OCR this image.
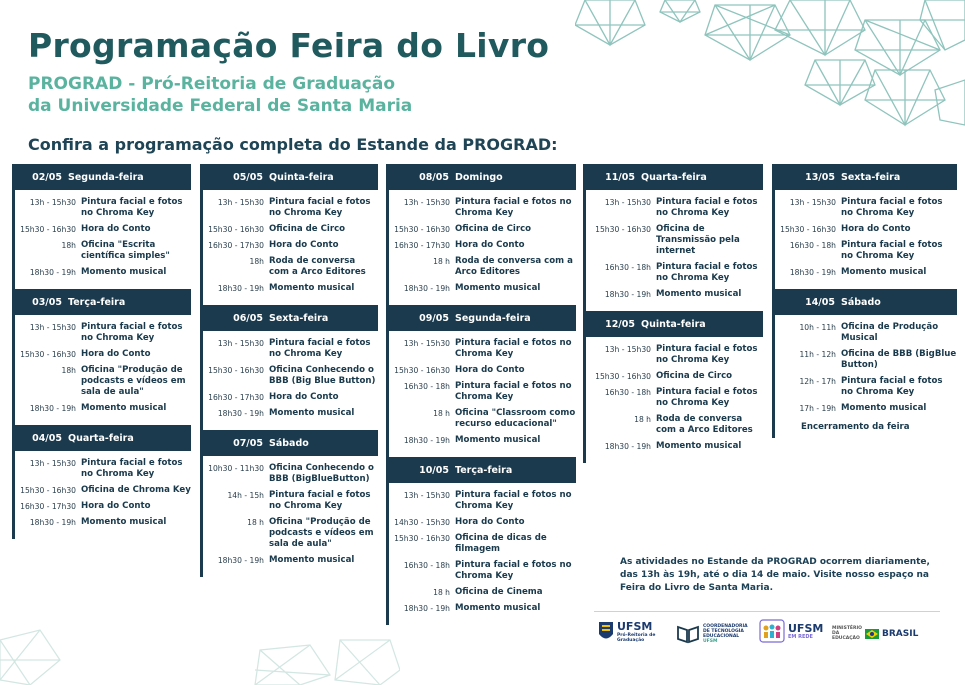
Programação Feira do Livro
PROGRAD - Pró-Reitoria de Graduação
da Universidade Federal de Santa Maria
Confira a programação completa do Estande da PROGRAD:
02/05 Segunda-feira
13h - 15h30 Pintura facial e fotos no Chroma Key
15h30 - 16h30 Hora do Conto
18h Oficina "Escrita científica simples"
18h30 - 19h Momento musical
03/05 Terça-feira
13h - 15h30 Pintura facial e fotos no Chroma Key
15h30 - 16h30 Hora do Conto
18h Oficina "Produção de podcasts e vídeos em sala de aula"
18h30 - 19h Momento musical
04/05 Quarta-feira
13h - 15h30 Pintura facial e fotos no Chroma Key
15h30 - 16h30 Oficina de Chroma Key
16h30 - 17h30 Hora do Conto
18h30 - 19h Momento musical
05/05 Quinta-feira
13h - 15h30 Pintura facial e fotos no Chroma Key
15h30 - 16h30 Oficina de Circo
16h30 - 17h30 Hora do Conto
18h Roda de conversa com a Arco Editores
18h30 - 19h Momento musical
06/05 Sexta-feira
13h - 15h30 Pintura facial e fotos no Chroma Key
15h30 - 16h30 Oficina Conhecendo o BBB (Big Blue Button)
16h30 - 17h30 Hora do Conto
18h30 - 19h Momento musical
07/05 Sábado
10h30 - 11h30 Oficina Conhecendo o BBB (BigBlueButton)
14h - 15h Pintura facial e fotos no Chroma Key
18 h Oficina "Produção de podcasts e vídeos em sala de aula"
18h30 - 19h Momento musical
08/05 Domingo
13h - 15h30 Pintura facial e fotos no Chroma Key
15h30 - 16h30 Oficina de Circo
16h30 - 17h30 Hora do Conto
18 h Roda de conversa com a Arco Editores
18h30 - 19h Momento musical
09/05 Segunda-feira
13h - 15h30 Pintura facial e fotos no Chroma Key
15h30 - 16h30 Hora do Conto
16h30 - 18h Pintura facial e fotos no Chroma Key
18 h Oficina "Classroom como recurso educacional"
18h30 - 19h Momento musical
10/05 Terça-feira
13h - 15h30 Pintura facial e fotos no Chroma Key
14h30 - 15h30 Hora do Conto
15h30 - 16h30 Oficina de dicas de filmagem
16h30 - 18h Pintura facial e fotos no Chroma Key
18 h Oficina de Cinema
18h30 - 19h Momento musical
11/05 Quarta-feira
13h - 15h30 Pintura facial e fotos no Chroma Key
15h30 - 16h30 Oficina de Transmissão pela internet
16h30 - 18h Pintura facial e fotos no Chroma Key
18h30 - 19h Momento musical
12/05 Quinta-feira
13h - 15h30 Pintura facial e fotos no Chroma Key
15h30 - 16h30 Oficina de Circo
16h30 - 18h Pintura facial e fotos no Chroma Key
18 h Roda de conversa com a Arco Editores
18h30 - 19h Momento musical
13/05 Sexta-feira
13h - 15h30 Pintura facial e fotos no Chroma Key
15h30 - 16h30 Hora do Conto
16h30 - 18h Pintura facial e fotos no Chroma Key
18h30 - 19h Momento musical
14/05 Sábado
10h - 11h Oficina de Produção Musical
11h - 12h Oficina de BBB (BigBlue Button)
12h - 17h Pintura facial e fotos no Chroma Key
17h - 19h Momento musical
Encerramento da feira
As atividades no Estande da PROGRAD ocorrem diariamente, das 13h às 19h, até o dia 14 de maio. Visite nosso espaço na Feira do Livro de Santa Maria.
UFSM
Pró-Reitoria de Graduação
COORDENADORIA DE TECNOLOGIA EDUCACIONAL
UFSM
UFSM
EM REDE
MINISTÉRIO DA EDUCAÇÃO BRASIL
